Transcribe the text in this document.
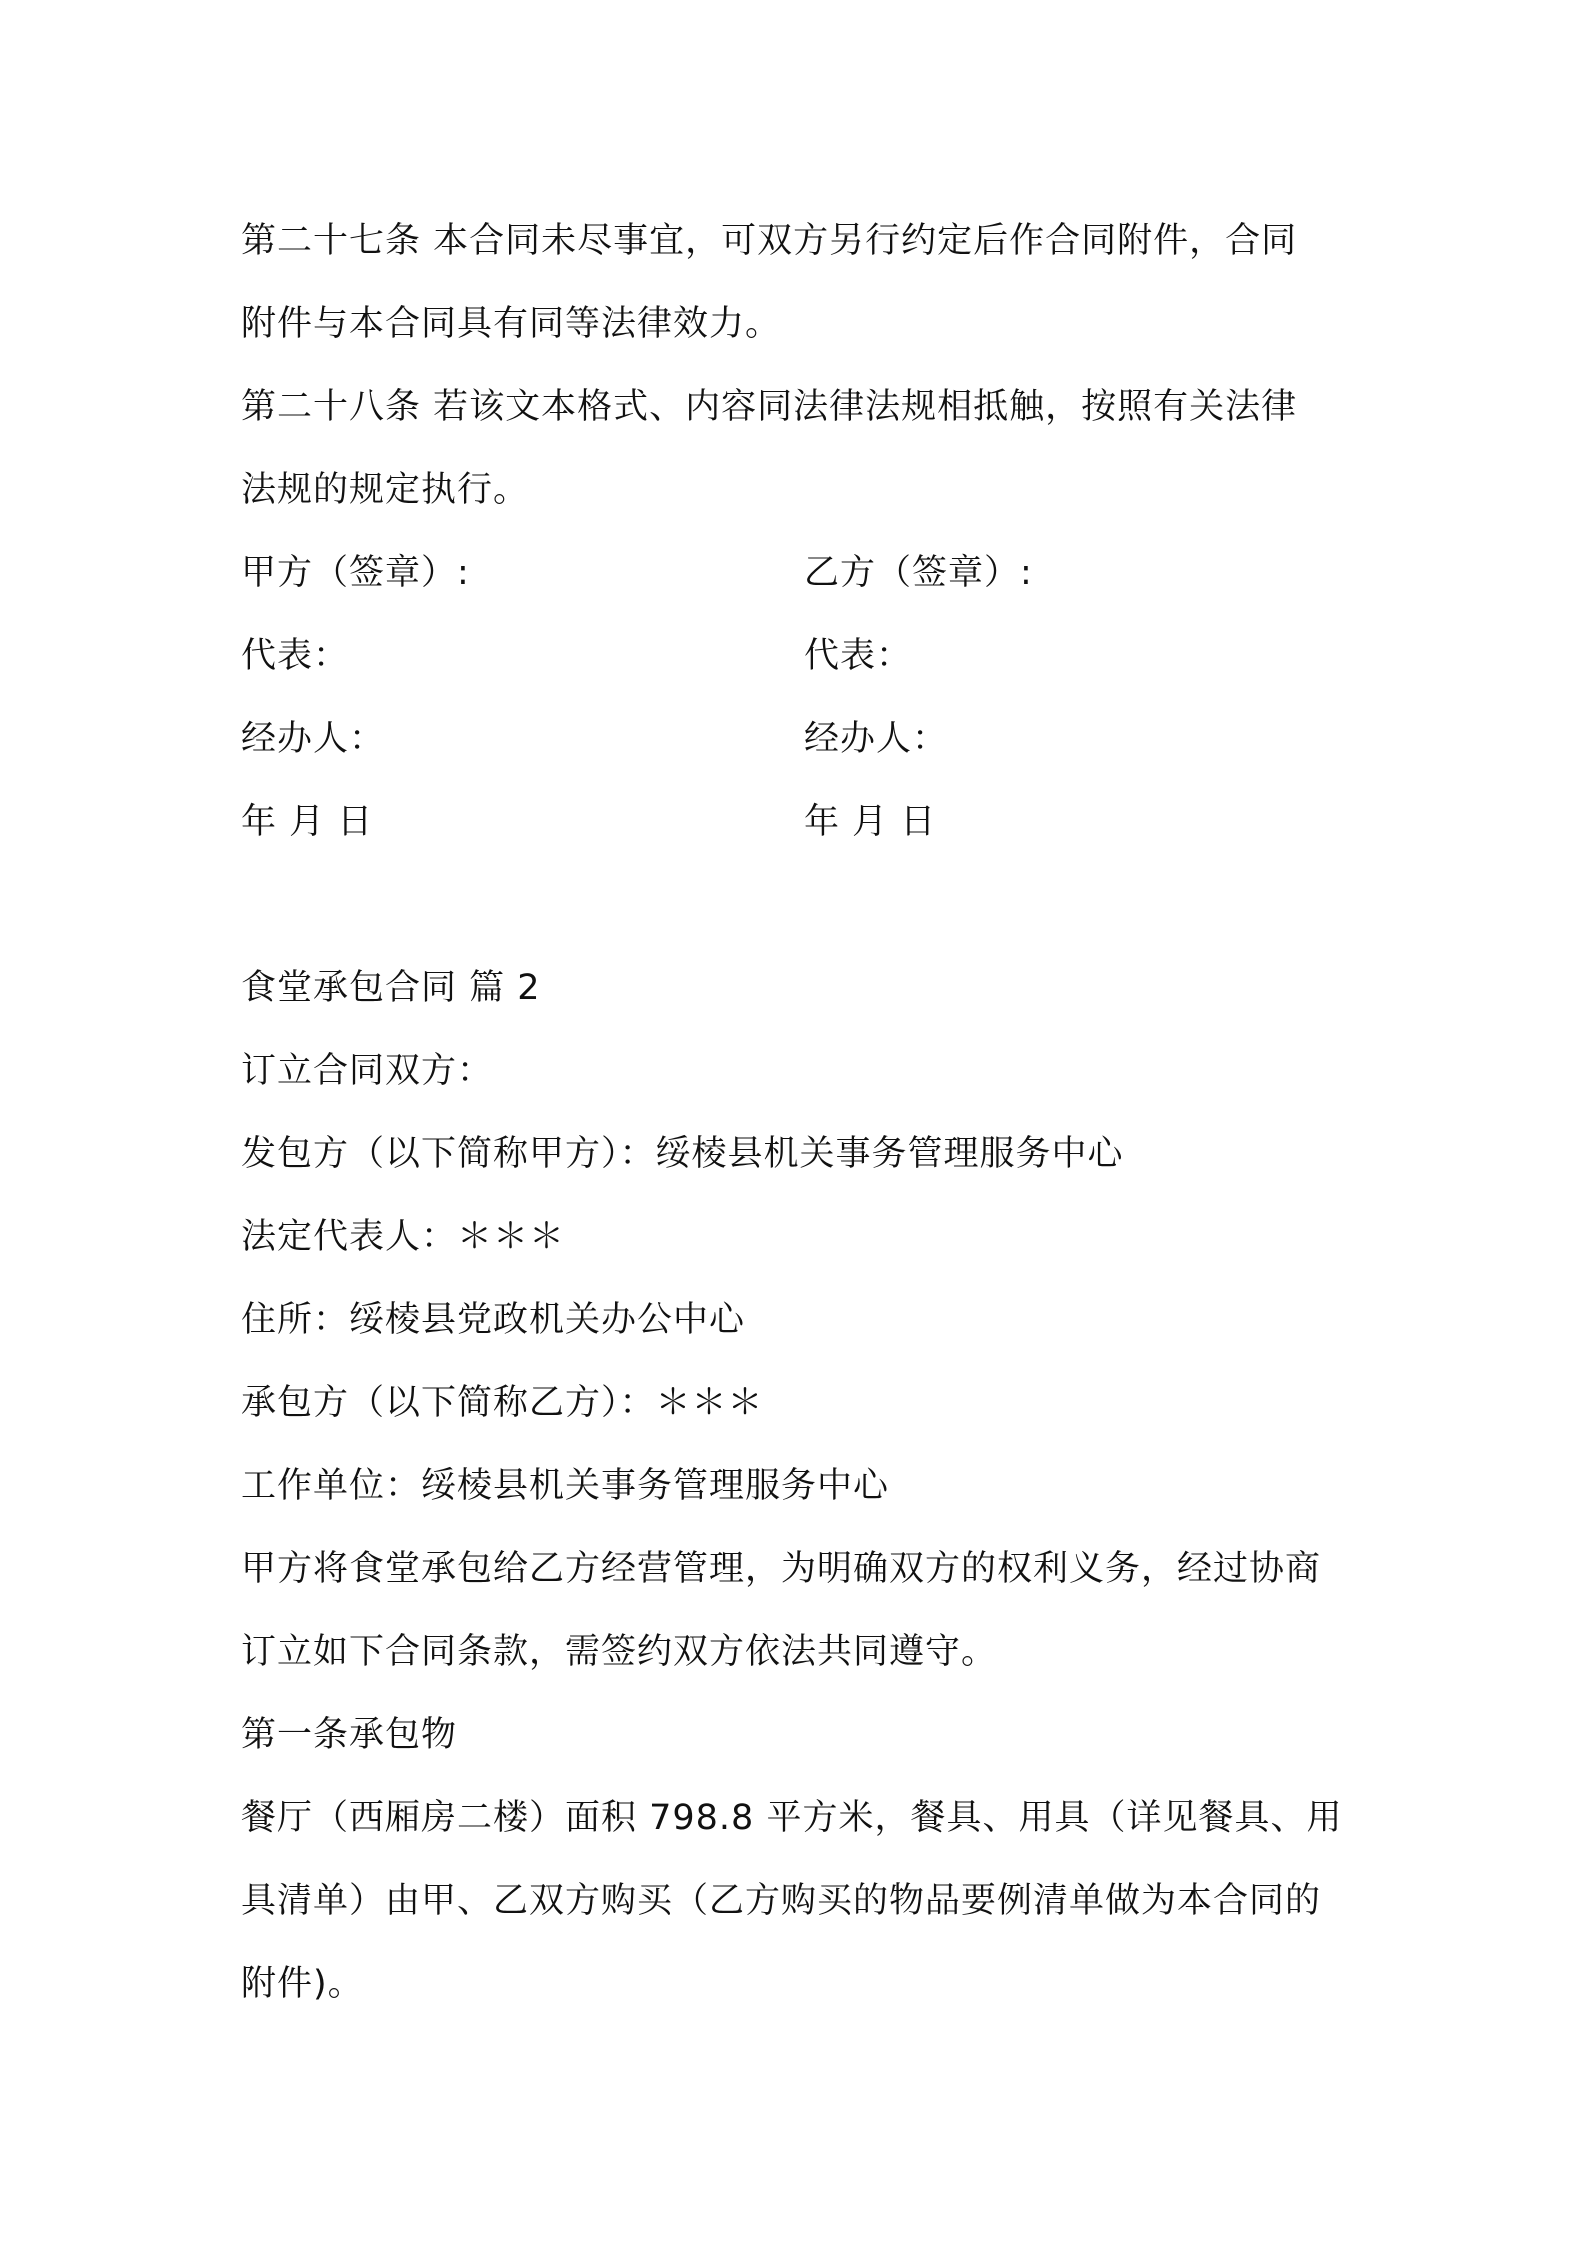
第二十七条 本合同未尽事宜，可双方另行约定后作合同附件，合同
附件与本合同具有同等法律效力。
第二十八条 若该文本格式、内容同法律法规相抵触，按照有关法律
法规的规定执行。
甲方（签章）:	乙方（签章）:
代表：	代表：
经办人：	经办人：
年 月 日	年 月 日
食堂承包合同 篇 2
订立合同双方：
发包方（以下简称甲方）：绥棱县机关事务管理服务中心
法定代表人：＊＊＊
住所：绥棱县党政机关办公中心
承包方（以下简称乙方）：＊＊＊
工作单位：绥棱县机关事务管理服务中心
甲方将食堂承包给乙方经营管理，为明确双方的权利义务，经过协商
订立如下合同条款，需签约双方依法共同遵守。
第一条承包物
餐厅（西厢房二楼）面积 798.8 平方米，餐具、用具（详见餐具、用
具清单）由甲、乙双方购买（乙方购买的物品要例清单做为本合同的
附件)。
